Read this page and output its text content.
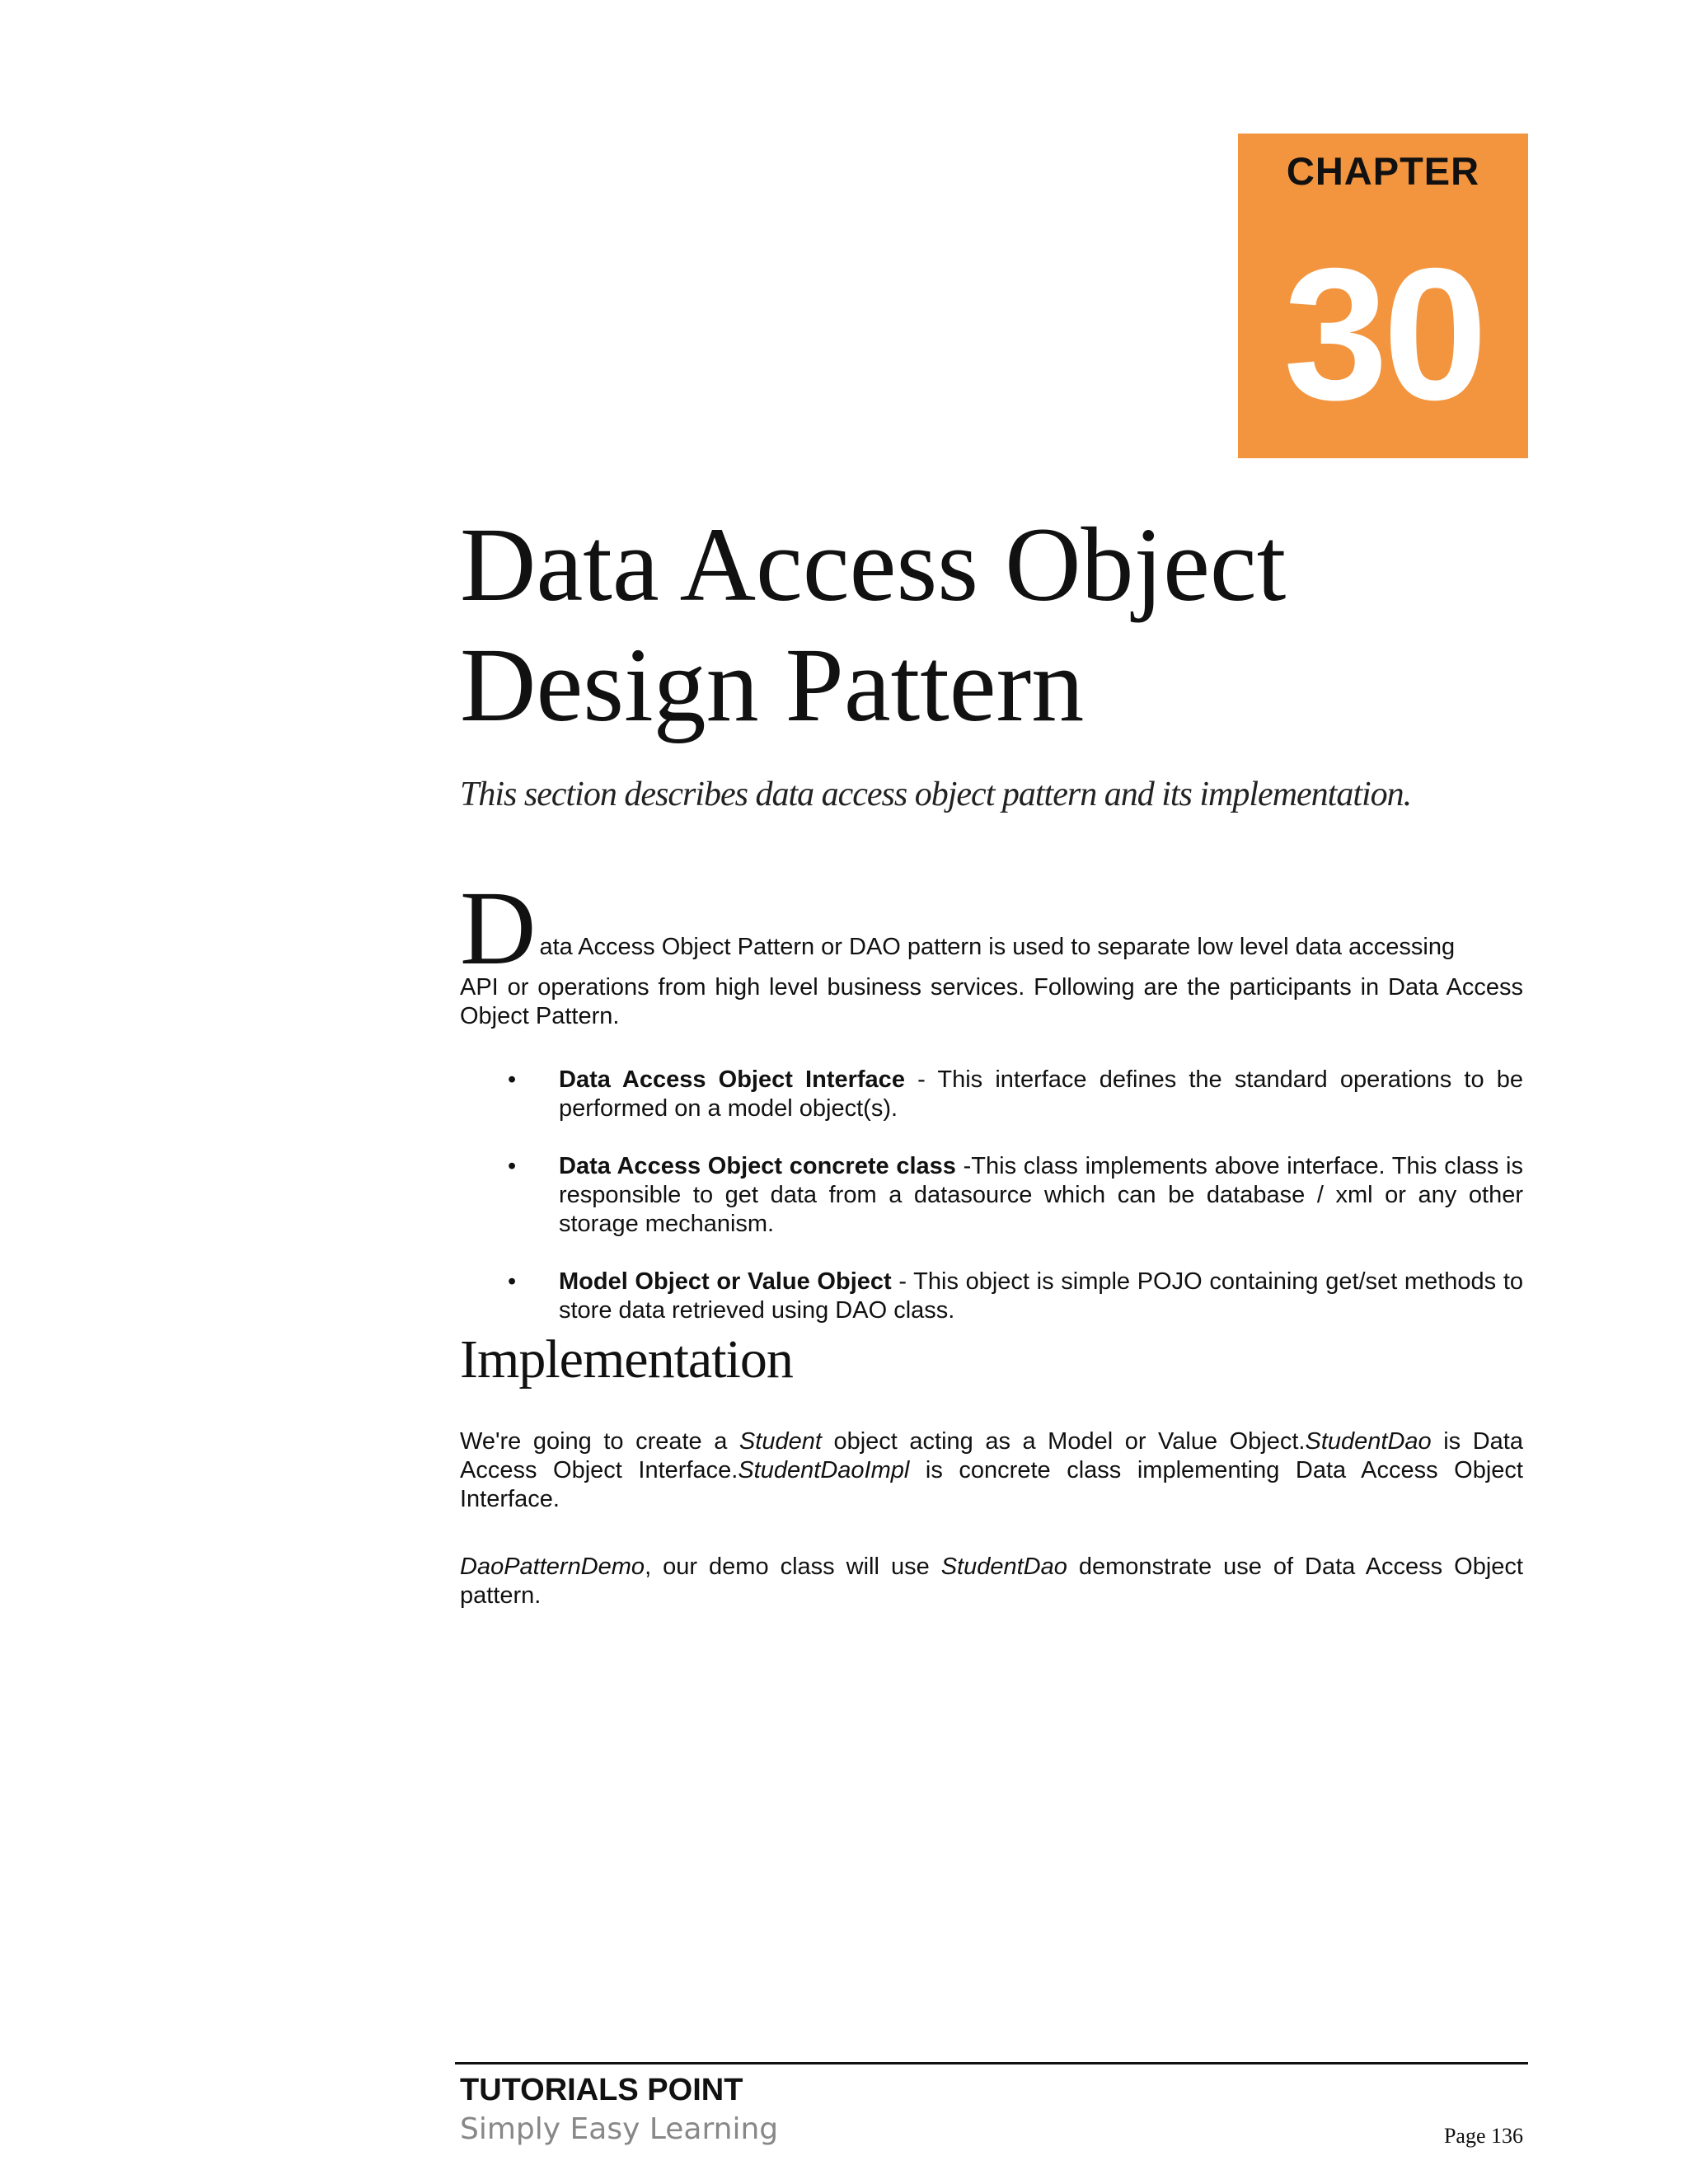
CHAPTER
30
Data Access Object
Design Pattern
This section describes data access object pattern and its implementation.
D ata Access Object Pattern or DAO pattern is used to separate low level data accessing
API or operations from high level business services. Following are the participants in Data Access Object Pattern.
• Data Access Object Interface - This interface defines the standard operations to be performed on a model object(s).
• Data Access Object concrete class -This class implements above interface. This class is responsible to get data from a datasource which can be database / xml or any other storage mechanism.
• Model Object or Value Object - This object is simple POJO containing get/set methods to store data retrieved using DAO class.
Implementation
We're going to create a Student object acting as a Model or Value Object.StudentDao is Data Access Object Interface.StudentDaoImpl is concrete class implementing Data Access Object Interface.
DaoPatternDemo, our demo class will use StudentDao demonstrate use of Data Access Object pattern.
TUTORIALS POINT
Simply Easy Learning	Page 136
